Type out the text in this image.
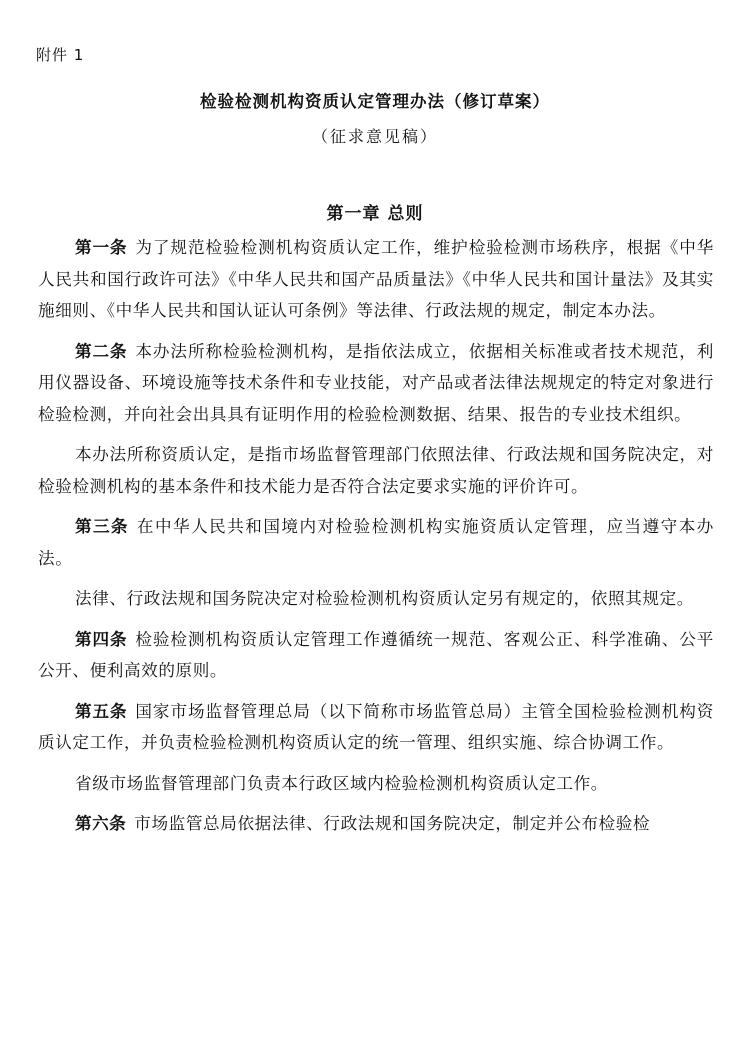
附件 1
检验检测机构资质认定管理办法（修订草案）
（征求意见稿）
第一章 总则

第一条 为了规范检验检测机构资质认定工作，维护检验检测市场秩序，根据《中华人民共和国行政许可法》《中华人民共和国产品质量法》《中华人民共和国计量法》及其实施细则、《中华人民共和国认证认可条例》等法律、行政法规的规定，制定本办法。

第二条 本办法所称检验检测机构，是指依法成立，依据相关标准或者技术规范，利用仪器设备、环境设施等技术条件和专业技能，对产品或者法律法规规定的特定对象进行检验检测，并向社会出具具有证明作用的检验检测数据、结果、报告的专业技术组织。

本办法所称资质认定，是指市场监督管理部门依照法律、行政法规和国务院决定，对检验检测机构的基本条件和技术能力是否符合法定要求实施的评价许可。

第三条 在中华人民共和国境内对检验检测机构实施资质认定管理，应当遵守本办法。

法律、行政法规和国务院决定对检验检测机构资质认定另有规定的，依照其规定。

第四条 检验检测机构资质认定管理工作遵循统一规范、客观公正、科学准确、公平公开、便利高效的原则。

第五条 国家市场监督管理总局（以下简称市场监管总局）主管全国检验检测机构资质认定工作，并负责检验检测机构资质认定的统一管理、组织实施、综合协调工作。

省级市场监督管理部门负责本行政区域内检验检测机构资质认定工作。

第六条 市场监管总局依据法律、行政法规和国务院决定，制定并公布检验检
